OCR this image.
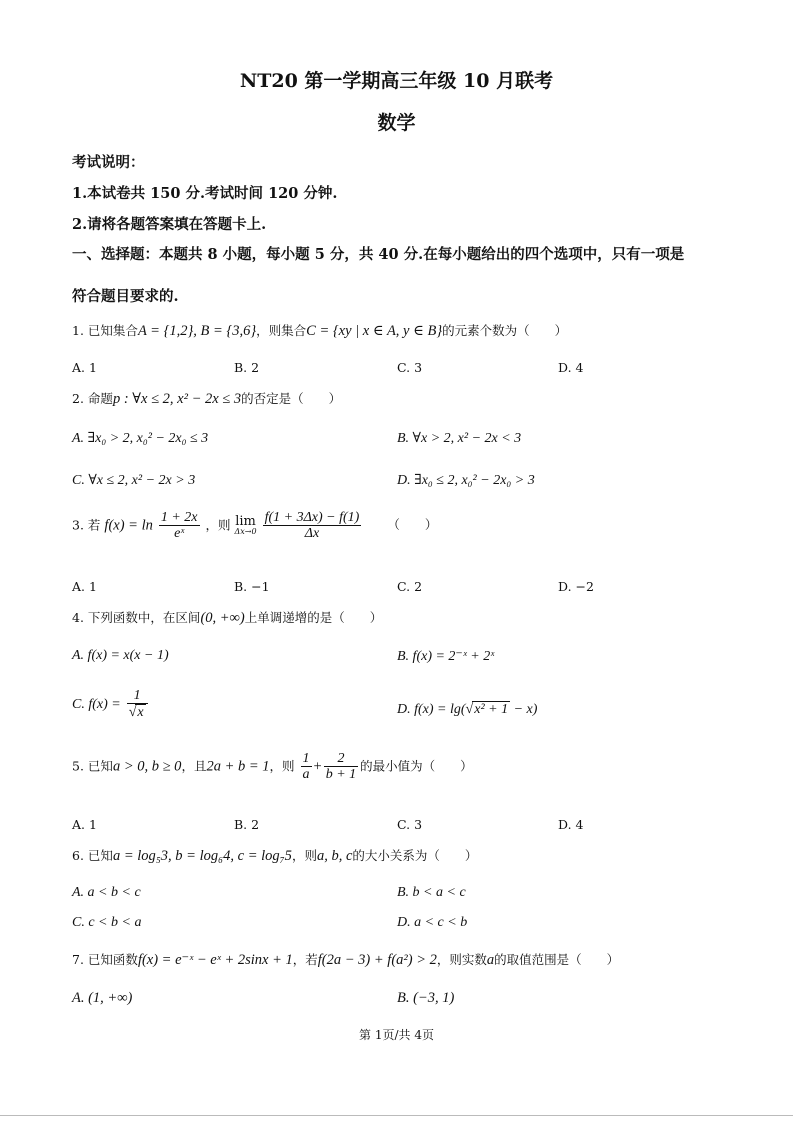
NT20 第一学期高三年级 10 月联考
数学
考试说明：
1.本试卷共 150 分.考试时间 120 分钟.
2.请将各题答案填在答题卡上.
一、选择题：本题共 8 小题，每小题 5 分，共 40 分.在每小题给出的四个选项中，只有一项是
符合题目要求的.
1. 已知集合A = {1,2}, B = {3,6}，则集合C = {xy | x ∈ A, y ∈ B}的元素个数为（　　）
A. 1	B. 2	C. 3	D. 4
2. 命题p : ∀x ≤ 2, x² − 2x ≤ 3的否定是（　　）
A. ∃x₀ > 2, x₀² − 2x₀ ≤ 3	B. ∀x > 2, x² − 2x < 3
C. ∀x ≤ 2, x² − 2x > 3	D. ∃x₀ ≤ 2, x₀² − 2x₀ > 3
3. 若 $f(x) = \ln \frac{1 + 2x}{\text{eˣ}}$ ，则 lim
Δx→0
$\frac{f(1 + 3\Delta x) - f(1)}{\Delta x}$ （　　）
A. 1	B. −1	C. 2	D. −2
4. 下列函数中，在区间(0, +∞)上单调递增的是（　　）
A. f(x) = x(x − 1)	B. f(x) = 2⁻ˣ + 2ˣ
C. $f(x) = \frac{1}{√x}$	D. f(x) = lg(√x² + 1 − x)
5. 已知a > 0, b ≥ 0，且2a + b = 1，则 $\frac{1}{a} + \frac{2}{b + 1}$ 的最小值为（　　）
A. 1	B. 2	C. 3	D. 4
6. 已知a = log₅3, b = log₆4, c = log₇5，则a, b, c的大小关系为（　　）
A. a < b < c	B. b < a < c
C. c < b < a	D. a < c < b
7. 已知函数f(x) = e⁻ˣ − eˣ + 2sinx + 1，若f(2a − 3) + f(a²) > 2，则实数a的取值范围是（　　）
A. (1, +∞)	B. (−3, 1)
第 1页/共 4页
